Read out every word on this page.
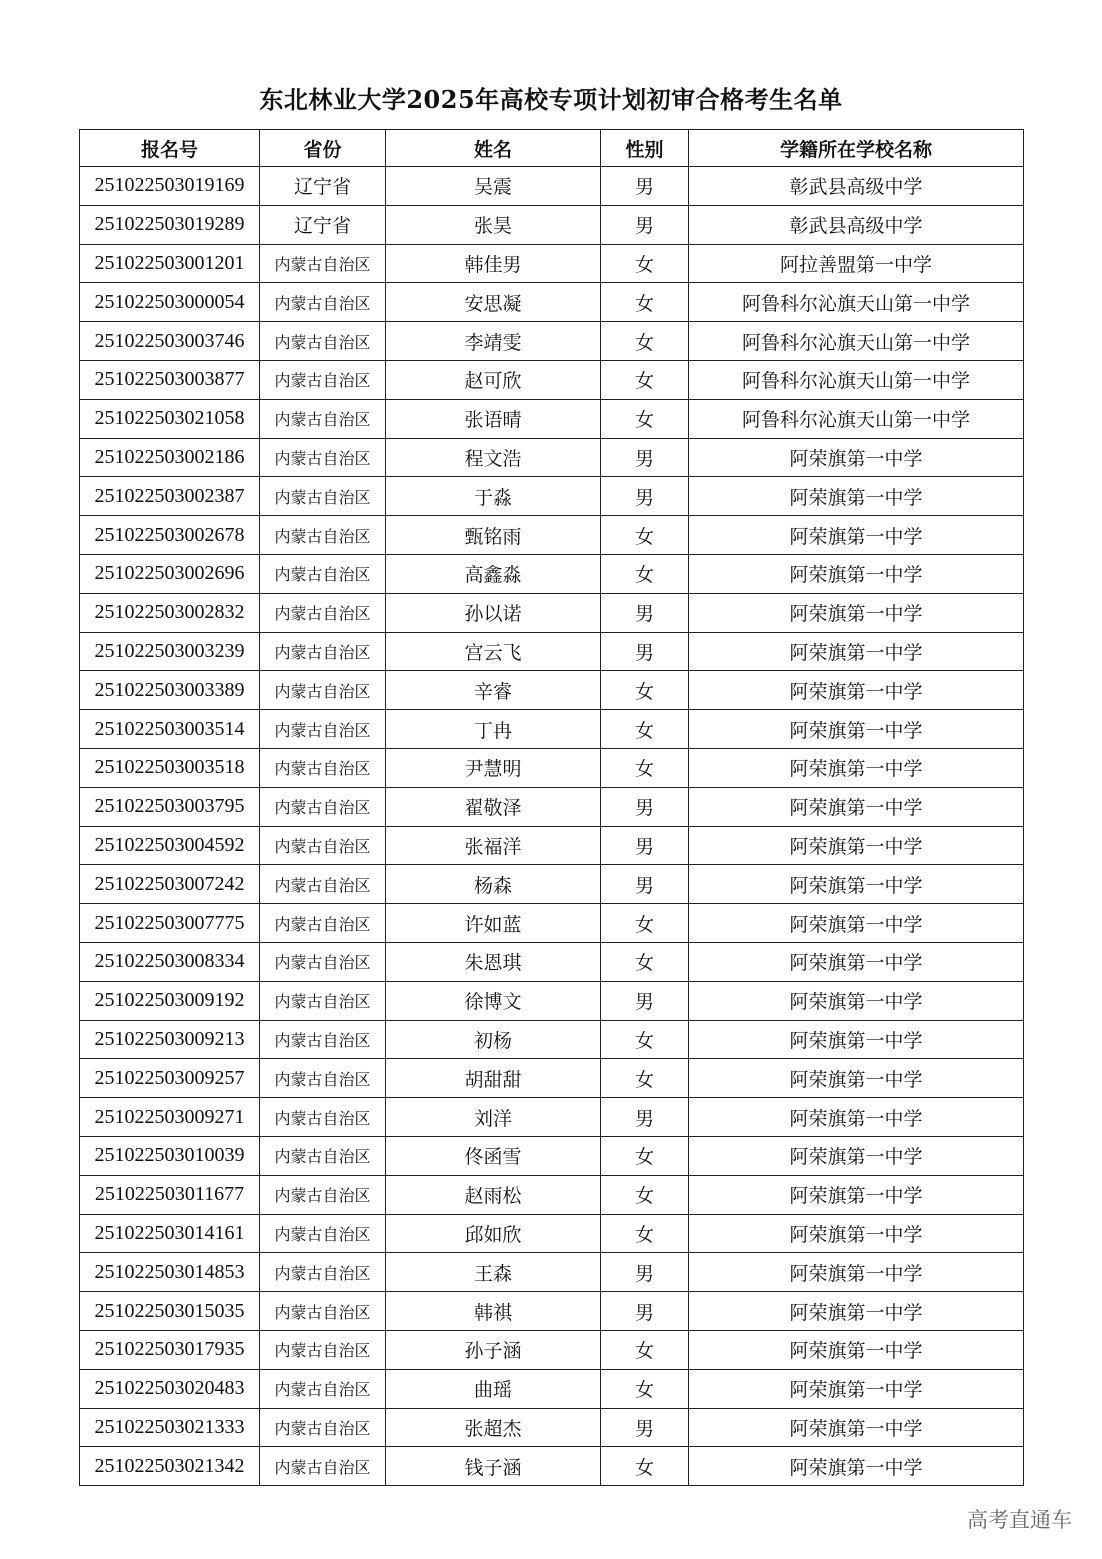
东北林业大学2025年高校专项计划初审合格考生名单
报名号	省份	姓名	性别	学籍所在学校名称
251022503019169	辽宁省	吴震	男	彰武县高级中学
251022503019289	辽宁省	张昊	男	彰武县高级中学
251022503001201	内蒙古自治区	韩佳男	女	阿拉善盟第一中学
251022503000054	内蒙古自治区	安思凝	女	阿鲁科尔沁旗天山第一中学
251022503003746	内蒙古自治区	李靖雯	女	阿鲁科尔沁旗天山第一中学
251022503003877	内蒙古自治区	赵可欣	女	阿鲁科尔沁旗天山第一中学
251022503021058	内蒙古自治区	张语晴	女	阿鲁科尔沁旗天山第一中学
251022503002186	内蒙古自治区	程文浩	男	阿荣旗第一中学
251022503002387	内蒙古自治区	于淼	男	阿荣旗第一中学
251022503002678	内蒙古自治区	甄铭雨	女	阿荣旗第一中学
251022503002696	内蒙古自治区	高鑫淼	女	阿荣旗第一中学
251022503002832	内蒙古自治区	孙以诺	男	阿荣旗第一中学
251022503003239	内蒙古自治区	宫云飞	男	阿荣旗第一中学
251022503003389	内蒙古自治区	辛睿	女	阿荣旗第一中学
251022503003514	内蒙古自治区	丁冉	女	阿荣旗第一中学
251022503003518	内蒙古自治区	尹慧明	女	阿荣旗第一中学
251022503003795	内蒙古自治区	翟敬泽	男	阿荣旗第一中学
251022503004592	内蒙古自治区	张福洋	男	阿荣旗第一中学
251022503007242	内蒙古自治区	杨森	男	阿荣旗第一中学
251022503007775	内蒙古自治区	许如蓝	女	阿荣旗第一中学
251022503008334	内蒙古自治区	朱恩琪	女	阿荣旗第一中学
251022503009192	内蒙古自治区	徐博文	男	阿荣旗第一中学
251022503009213	内蒙古自治区	初杨	女	阿荣旗第一中学
251022503009257	内蒙古自治区	胡甜甜	女	阿荣旗第一中学
251022503009271	内蒙古自治区	刘洋	男	阿荣旗第一中学
251022503010039	内蒙古自治区	佟函雪	女	阿荣旗第一中学
251022503011677	内蒙古自治区	赵雨松	女	阿荣旗第一中学
251022503014161	内蒙古自治区	邱如欣	女	阿荣旗第一中学
251022503014853	内蒙古自治区	王森	男	阿荣旗第一中学
251022503015035	内蒙古自治区	韩祺	男	阿荣旗第一中学
251022503017935	内蒙古自治区	孙子涵	女	阿荣旗第一中学
251022503020483	内蒙古自治区	曲瑶	女	阿荣旗第一中学
251022503021333	内蒙古自治区	张超杰	男	阿荣旗第一中学
251022503021342	内蒙古自治区	钱子涵	女	阿荣旗第一中学
高考直通车
